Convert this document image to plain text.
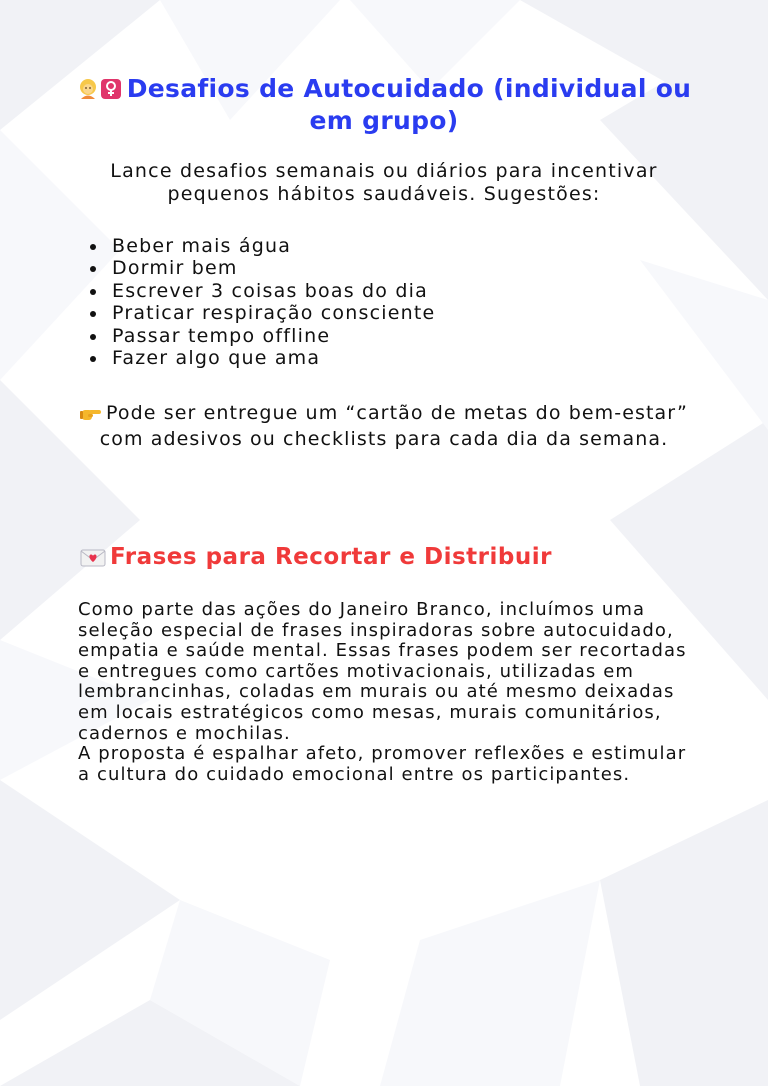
Desafios de Autocuidado (individual ou em grupo)
Lance desafios semanais ou diários para incentivar pequenos hábitos saudáveis. Sugestões:
Beber mais água
Dormir bem
Escrever 3 coisas boas do dia
Praticar respiração consciente
Passar tempo offline
Fazer algo que ama
Pode ser entregue um “cartão de metas do bem-estar” com adesivos ou checklists para cada dia da semana.
Frases para Recortar e Distribuir

Como parte das ações do Janeiro Branco, incluímos uma seleção especial de frases inspiradoras sobre autocuidado, empatia e saúde mental. Essas frases podem ser recortadas e entregues como cartões motivacionais, utilizadas em lembrancinhas, coladas em murais ou até mesmo deixadas em locais estratégicos como mesas, murais comunitários, cadernos e mochilas.

A proposta é espalhar afeto, promover reflexões e estimular a cultura do cuidado emocional entre os participantes.
